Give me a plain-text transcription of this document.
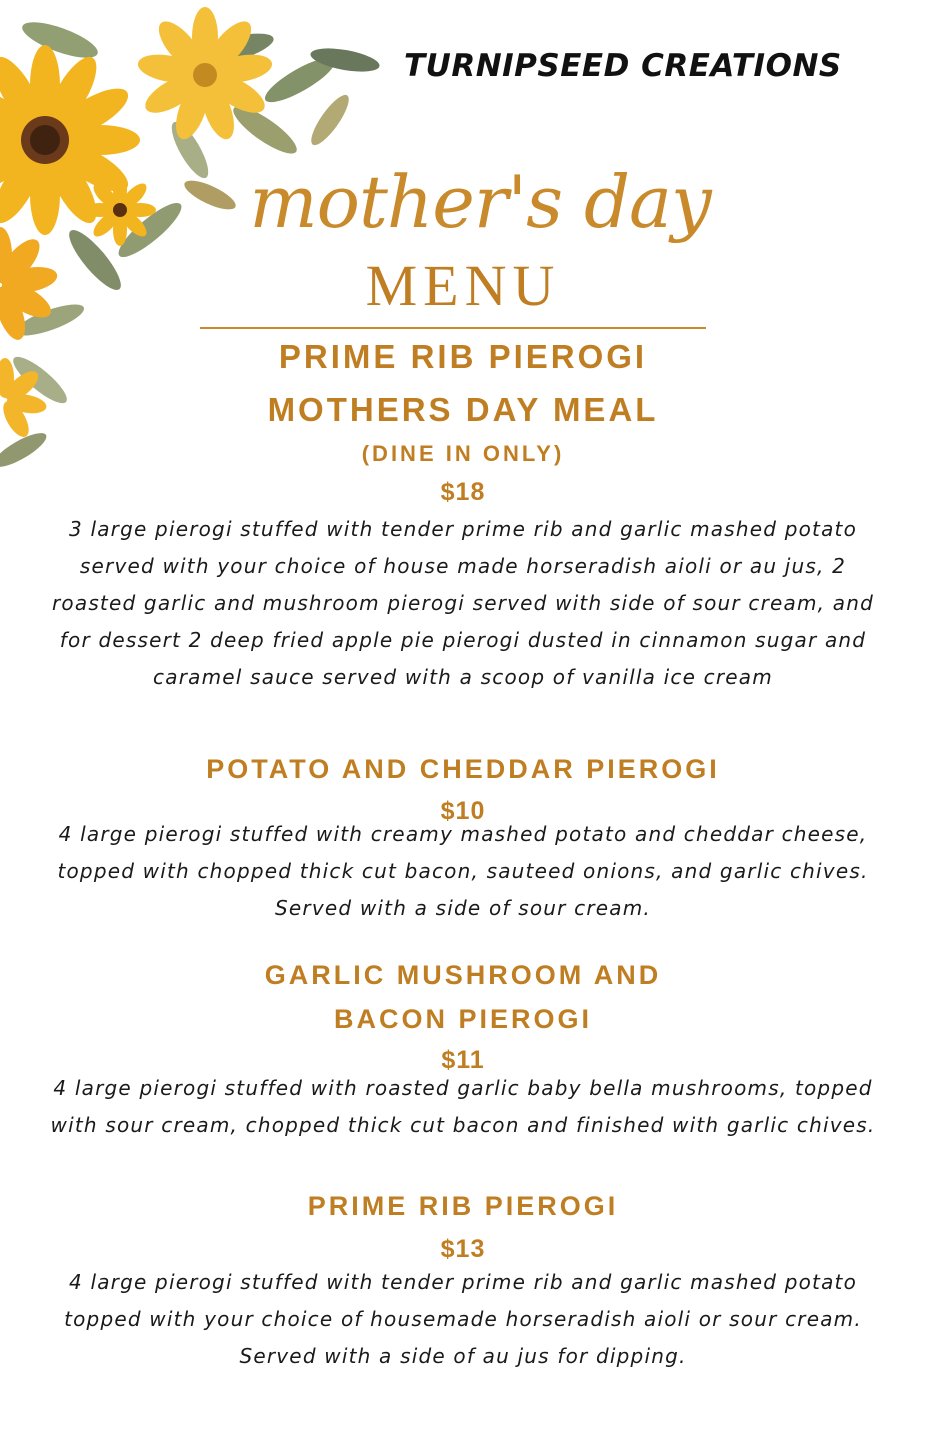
TURNIPSEED CREATIONS
mother's day
MENU
PRIME RIB PIEROGI
MOTHERS DAY MEAL
(DINE IN ONLY)
$18
3 large pierogi stuffed with tender prime rib and garlic mashed potato served with your choice of house made horseradish aioli or au jus, 2 roasted garlic and mushroom pierogi served with side of sour cream, and for dessert 2 deep fried apple pie pierogi dusted in cinnamon sugar and caramel sauce served with a scoop of vanilla ice cream
POTATO AND CHEDDAR PIEROGI
$10
4 large pierogi stuffed with creamy mashed potato and cheddar cheese, topped with chopped thick cut bacon, sauteed onions, and garlic chives. Served with a side of sour cream.
GARLIC MUSHROOM AND
BACON PIEROGI
$11
4 large pierogi stuffed with roasted garlic baby bella mushrooms, topped with sour cream, chopped thick cut bacon and finished with garlic chives.
PRIME RIB PIEROGI
$13
4 large pierogi stuffed with tender prime rib and garlic mashed potato topped with your choice of housemade horseradish aioli or sour cream. Served with a side of au jus for dipping.
